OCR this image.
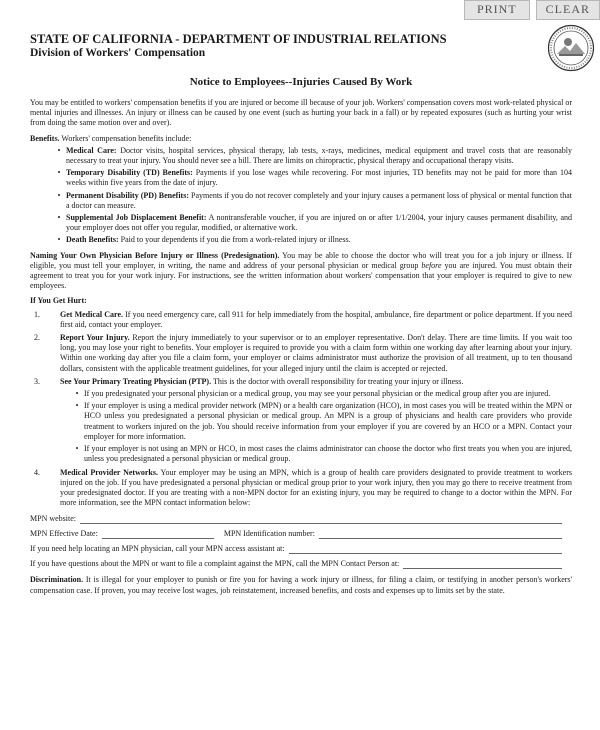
PRINT	CLEAR
STATE OF CALIFORNIA - DEPARTMENT OF INDUSTRIAL RELATIONS
Division of Workers' Compensation
Notice to Employees--Injuries Caused By Work

You may be entitled to workers' compensation benefits if you are injured or become ill because of your job. Workers' compensation covers most work-related physical or mental injuries and illnesses. An injury or illness can be caused by one event (such as hurting your back in a fall) or by repeated exposures (such as hurting your wrist from doing the same motion over and over).

Benefits. Workers' compensation benefits include:

• Medical Care: Doctor visits, hospital services, physical therapy, lab tests, x-rays, medicines, medical equipment and travel costs that are reasonably necessary to treat your injury. You should never see a bill. There are limits on chiropractic, physical therapy and occupational therapy visits.

• Temporary Disability (TD) Benefits: Payments if you lose wages while recovering. For most injuries, TD benefits may not be paid for more than 104 weeks within five years from the date of injury.

• Permanent Disability (PD) Benefits: Payments if you do not recover completely and your injury causes a permanent loss of physical or mental function that a doctor can measure.

• Supplemental Job Displacement Benefit: A nontransferable voucher, if you are injured on or after 1/1/2004, your injury causes permanent disability, and your employer does not offer you regular, modified, or alternative work.

• Death Benefits: Paid to your dependents if you die from a work-related injury or illness.

Naming Your Own Physician Before Injury or Illness (Predesignation). You may be able to choose the doctor who will treat you for a job injury or illness. If eligible, you must tell your employer, in writing, the name and address of your personal physician or medical group before you are injured. You must obtain their agreement to treat you for your work injury. For instructions, see the written information about workers' compensation that your employer is required to give to new employees.

If You Get Hurt:

1.	Get Medical Care. If you need emergency care, call 911 for help immediately from the hospital, ambulance, fire department or police department. If you need first aid, contact your employer.

2.	Report Your Injury. Report the injury immediately to your supervisor or to an employer representative. Don't delay. There are time limits. If you wait too long, you may lose your right to benefits. Your employer is required to provide you with a claim form within one working day after learning about your injury. Within one working day after you file a claim form, your employer or claims administrator must authorize the provision of all treatment, up to ten thousand dollars, consistent with the applicable treatment guidelines, for your alleged injury until the claim is accepted or rejected.

3.	See Your Primary Treating Physician (PTP). This is the doctor with overall responsibility for treating your injury or illness.

• If you predesignated your personal physician or a medical group, you may see your personal physician or the medical group after you are injured.

• If your employer is using a medical provider network (MPN) or a health care organization (HCO), in most cases you will be treated within the MPN or HCO unless you predesignated a personal physician or medical group. An MPN is a group of physicians and health care providers who provide treatment to workers injured on the job. You should receive information from your employer if you are covered by an HCO or a MPN. Contact your employer for more information.

• If your employer is not using an MPN or HCO, in most cases the claims administrator can choose the doctor who first treats you when you are injured, unless you predesignated a personal physician or medical group.

4.	Medical Provider Networks. Your employer may be using an MPN, which is a group of health care providers designated to provide treatment to workers injured on the job. If you have predesignated a personal physician or medical group prior to your work injury, then you may go there to receive treatment from your predesignated doctor. If you are treating with a non-MPN doctor for an existing injury, you may be required to change to a doctor within the MPN. For more information, see the MPN contact information below:

MPN website:
MPN Effective Date:	MPN Identification number:
If you need help locating an MPN physician, call your MPN access assistant at:
If you have questions about the MPN or want to file a complaint against the MPN, call the MPN Contact Person at:

Discrimination. It is illegal for your employer to punish or fire you for having a work injury or illness, for filing a claim, or testifying in another person's workers' compensation case. If proven, you may receive lost wages, job reinstatement, increased benefits, and costs and expenses up to limits set by the state.
